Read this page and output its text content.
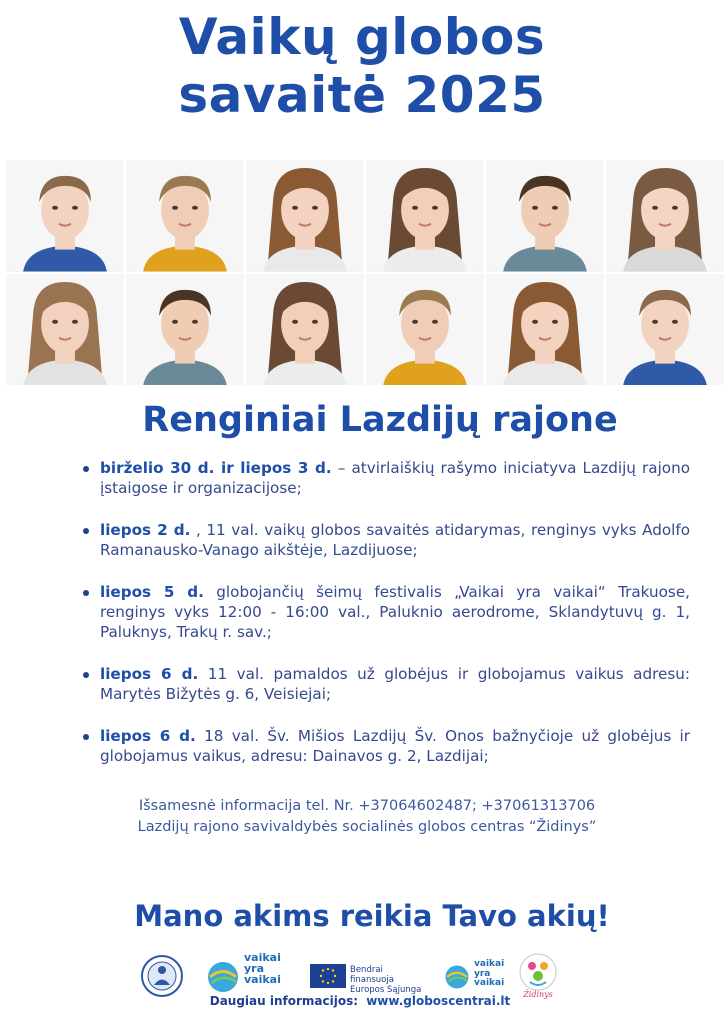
Vaikų globos
savaitė 2025
Renginiai Lazdijų rajone
birželio 30 d. ir liepos 3 d. – atvirlaiškių rašymo iniciatyva Lazdijų rajono įstaigose ir organizacijose;
liepos 2 d. , 11 val. vaikų globos savaitės atidarymas, renginys vyks Adolfo Ramanausko-Vanago aikštėje, Lazdijuose;
liepos 5 d. globojančių šeimų festivalis „Vaikai yra vaikai“ Trakuose, renginys vyks 12:00 - 16:00 val., Paluknio aerodrome, Sklandytuvų g. 1, Paluknys, Trakų r. sav.;
liepos 6 d. 11 val. pamaldos už globėjus ir globojamus vaikus adresu: Marytės Bižytės g. 6, Veisiejai;
liepos 6 d. 18 val. Šv. Mišios Lazdijų Šv. Onos bažnyčioje už globėjus ir globojamus vaikus, adresu: Dainavos g. 2, Lazdijai;
Išsamesnė informacija tel. Nr. +37064602487; +37061313706
Lazdijų rajono savivaldybės socialinės globos centras “Židinys”
Mano akims reikia Tavo akių!
vaikai
yra
vaikai
Bendrai finansuoja Europos Sąjunga
vaikai
yra
vaikai
Židinys
Daugiau informacijos: www.globoscentrai.lt
